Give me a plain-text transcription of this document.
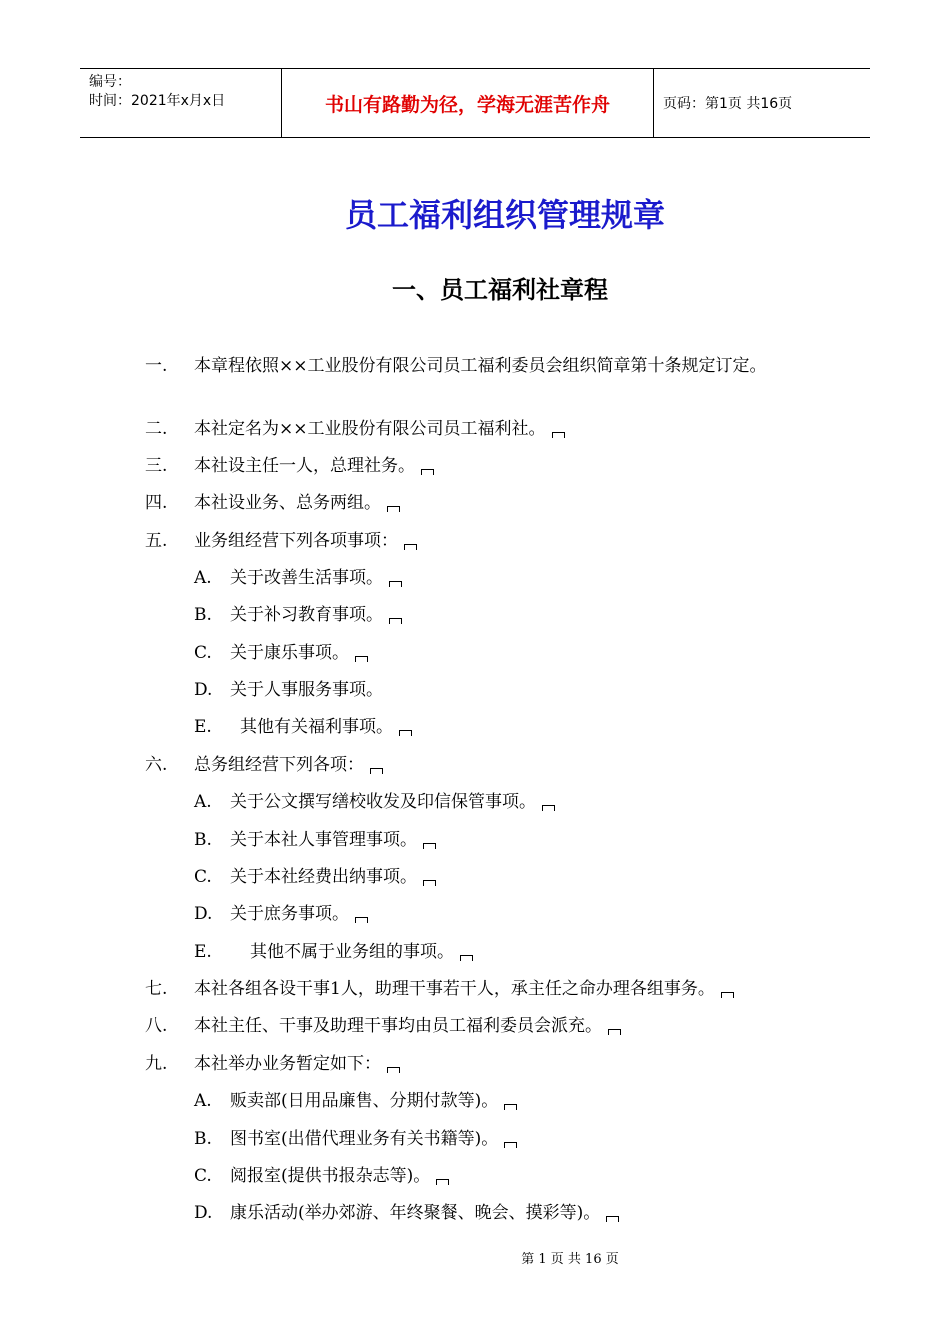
编号：
时间：2021年x月x日	书山有路勤为径，学海无涯苦作舟	页码：第1页 共16页
员工福利组织管理规章
一、员工福利社章程
一. 本章程依照××工业股份有限公司员工福利委员会组织简章第十条规定订定。
二. 本社定名为××工业股份有限公司员工福利社。
三. 本社设主任一人，总理社务。
四. 本社设业务、总务两组。
五. 业务组经营下列各项事项：
A. 关于改善生活事项。
B. 关于补习教育事项。
C. 关于康乐事项。
D. 关于人事服务事项。
E. 其他有关福利事项。
六. 总务组经营下列各项：
A. 关于公文撰写缮校收发及印信保管事项。
B. 关于本社人事管理事项。
C. 关于本社经费出纳事项。
D. 关于庶务事项。
E. 其他不属于业务组的事项。
七. 本社各组各设干事1人，助理干事若干人，承主任之命办理各组事务。
八. 本社主任、干事及助理干事均由员工福利委员会派充。
九. 本社举办业务暂定如下：
A. 贩卖部(日用品廉售、分期付款等)。
B. 图书室(出借代理业务有关书籍等)。
C. 阅报室(提供书报杂志等)。
D. 康乐活动(举办郊游、年终聚餐、晚会、摸彩等)。
第 1 页 共 16 页
